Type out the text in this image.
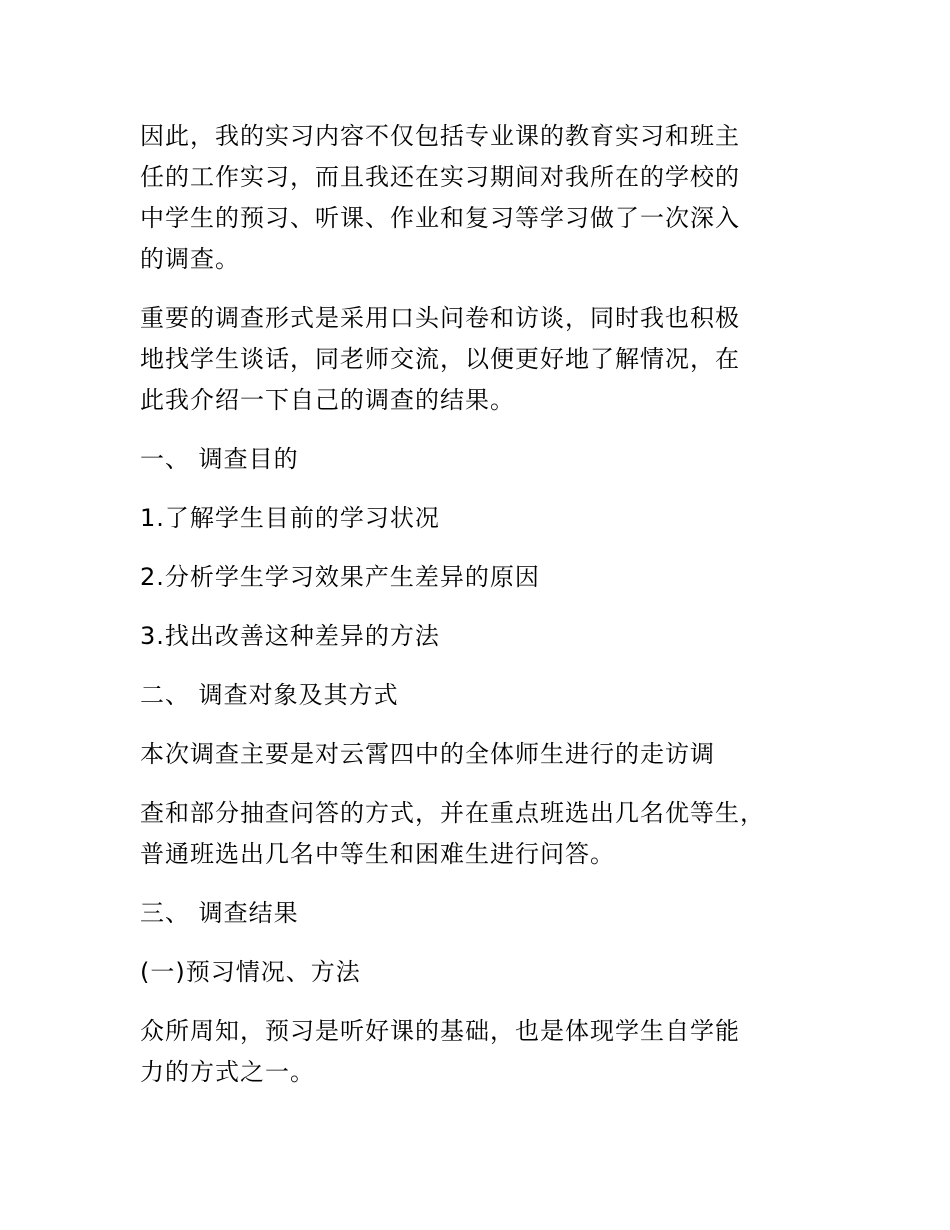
因此，我的实习内容不仅包括专业课的教育实习和班主
任的工作实习，而且我还在实习期间对我所在的学校的
中学生的预习、听课、作业和复习等学习做了一次深入
的调查。

重要的调查形式是采用口头问卷和访谈，同时我也积极
地找学生谈话，同老师交流，以便更好地了解情况，在
此我介绍一下自己的调查的结果。

一、 调查目的

1.了解学生目前的学习状况

2.分析学生学习效果产生差异的原因

3.找出改善这种差异的方法

二、 调查对象及其方式

本次调查主要是对云霄四中的全体师生进行的走访调

查和部分抽查问答的方式，并在重点班选出几名优等生，
普通班选出几名中等生和困难生进行问答。

三、 调查结果

(一)预习情况、方法

众所周知，预习是听好课的基础，也是体现学生自学能
力的方式之一。
